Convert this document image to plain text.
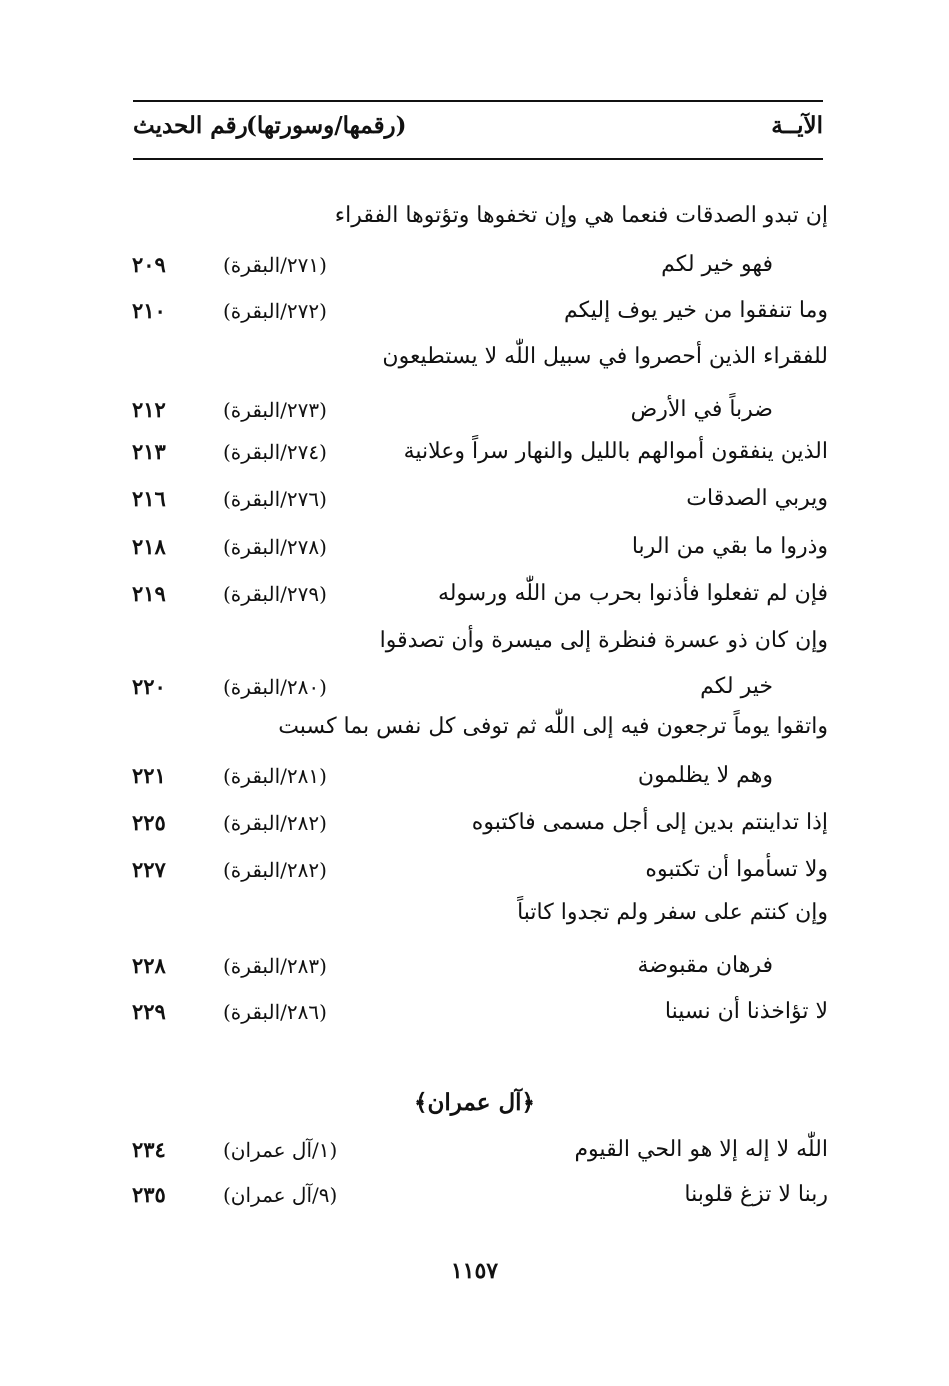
الآيــة
(رقمها/وسورتها)
رقم الحديث
إن تبدو الصدقات فنعما هي وإن تخفوها وتؤتوها الفقراء
فهو خير لكم
(٢٧١/البقرة)
٢٠٩
وما تنفقوا من خير يوف إليكم
(٢٧٢/البقرة)
٢١٠
للفقراء الذين أحصروا في سبيل اللّٰه لا يستطيعون
ضرباً في الأرض
(٢٧٣/البقرة)
٢١٢
الذين ينفقون أموالهم بالليل والنهار سراً وعلانية
(٢٧٤/البقرة)
٢١٣
ويربي الصدقات
(٢٧٦/البقرة)
٢١٦
وذروا ما بقي من الربا
(٢٧٨/البقرة)
٢١٨
فإن لم تفعلوا فأذنوا بحرب من اللّٰه ورسوله
(٢٧٩/البقرة)
٢١٩
وإن كان ذو عسرة فنظرة إلى ميسرة وأن تصدقوا
خير لكم
(٢٨٠/البقرة)
٢٢٠
واتقوا يوماً ترجعون فيه إلى اللّٰه ثم توفى كل نفس بما كسبت
وهم لا يظلمون
(٢٨١/البقرة)
٢٢١
إذا تداينتم بدين إلى أجل مسمى فاكتبوه
(٢٨٢/البقرة)
٢٢٥
ولا تسأموا أن تكتبوه
(٢٨٢/البقرة)
٢٢٧
وإن كنتم على سفر ولم تجدوا كاتباً
فرهان مقبوضة
(٢٨٣/البقرة)
٢٢٨
لا تؤاخذنا أن نسينا
(٢٨٦/البقرة)
٢٢٩
﴿آل عمران﴾
اللّٰه لا إله إلا هو الحي القيوم
(١/آل عمران)
٢٣٤
ربنا لا تزغ قلوبنا
(٩/آل عمران)
٢٣٥
١١٥٧
